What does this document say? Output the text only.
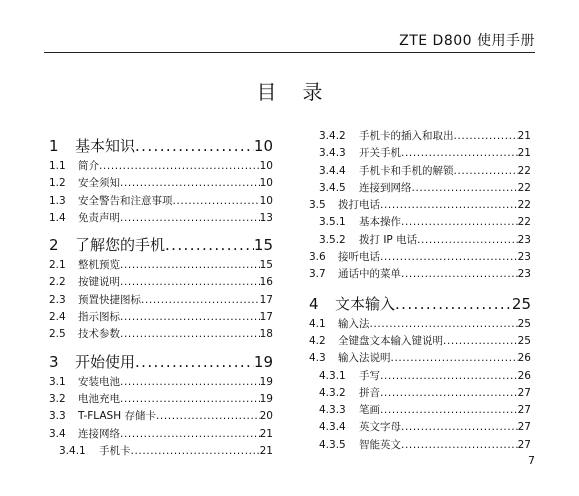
ZTE D800 使用手册
目录
1	基本知识 .....	10
1.1	简介 .....	10
1.2	安全须知 .....	10
1.3	安全警告和注意事项 .....	10
1.4	免责声明 .....	13
2	了解您的手机 .....	15
2.1	整机预览 .....	15
2.2	按键说明 .....	16
2.3	预置快捷图标 .....	17
2.4	指示图标 .....	17
2.5	技术参数 .....	18
3	开始使用 .....	19
3.1	安装电池 .....	19
3.2	电池充电 .....	19
3.3	T-FLASH 存储卡 .....	20
3.4	连接网络 .....	21
3.4.1	手机卡 .....	21
3.4.2	手机卡的插入和取出 .....	21
3.4.3	开关手机 .....	21
3.4.4	手机卡和手机的解锁 .....	22
3.4.5	连接到网络 .....	22
3.5	拨打电话 .....	22
3.5.1	基本操作 .....	22
3.5.2	拨打 IP 电话 .....	23
3.6	接听电话 .....	23
3.7	通话中的菜单 .....	23
4	文本输入 .....	25
4.1	输入法 .....	25
4.2	全键盘文本输入键说明 .....	25
4.3	输入法说明 .....	26
4.3.1	手写 .....	26
4.3.2	拼音 .....	27
4.3.3	笔画 .....	27
4.3.4	英文字母 .....	27
4.3.5	智能英文 .....	27
7
